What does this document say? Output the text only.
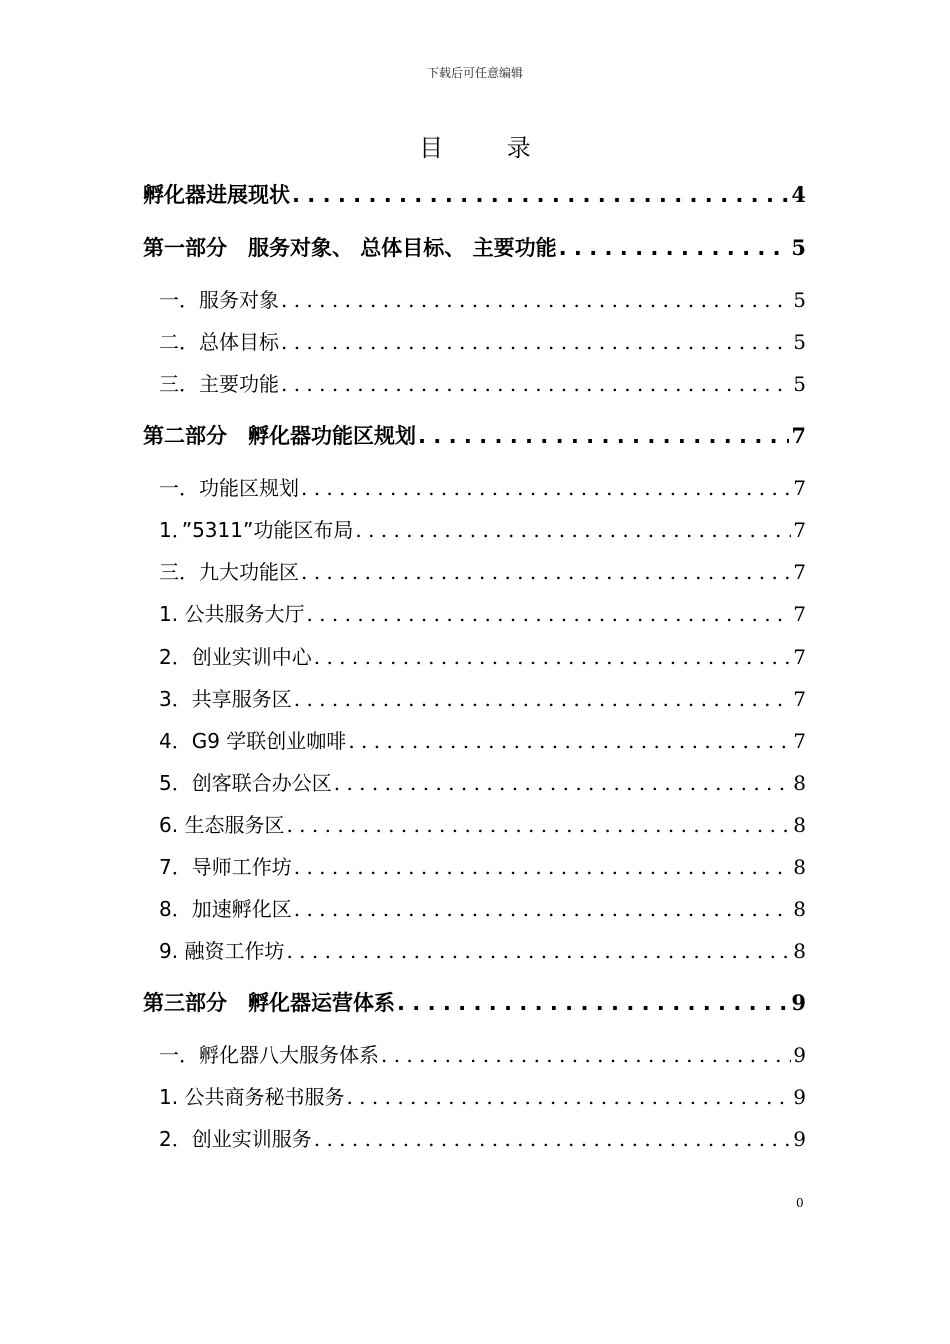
下载后可任意编辑
目 录
孵化器进展现状 . . .	4
第一部分　服务对象、 总体目标、 主要功能 . . .	5
一．服务对象 . . .	5
二．总体目标 . . .	5
三．主要功能 . . .	5
第二部分　孵化器功能区规划 . . .	7
一．功能区规划 . . .	7
1．”5311”功能区布局 . . .	7
三．九大功能区 . . .	7
1. 公共服务大厅 . . .	7
2．创业实训中心 . . .	7
3．共享服务区 . . .	7
4．G9 学联创业咖啡 . . .	7
5．创客联合办公区 . . .	8
6. 生态服务区 . . .	8
7．导师工作坊 . . .	8
8．加速孵化区 . . .	8
9. 融资工作坊 . . .	8
第三部分　孵化器运营体系 . . .	9
一．孵化器八大服务体系 . . .	9
1. 公共商务秘书服务 . . .	9
2．创业实训服务 . . .	9
0
